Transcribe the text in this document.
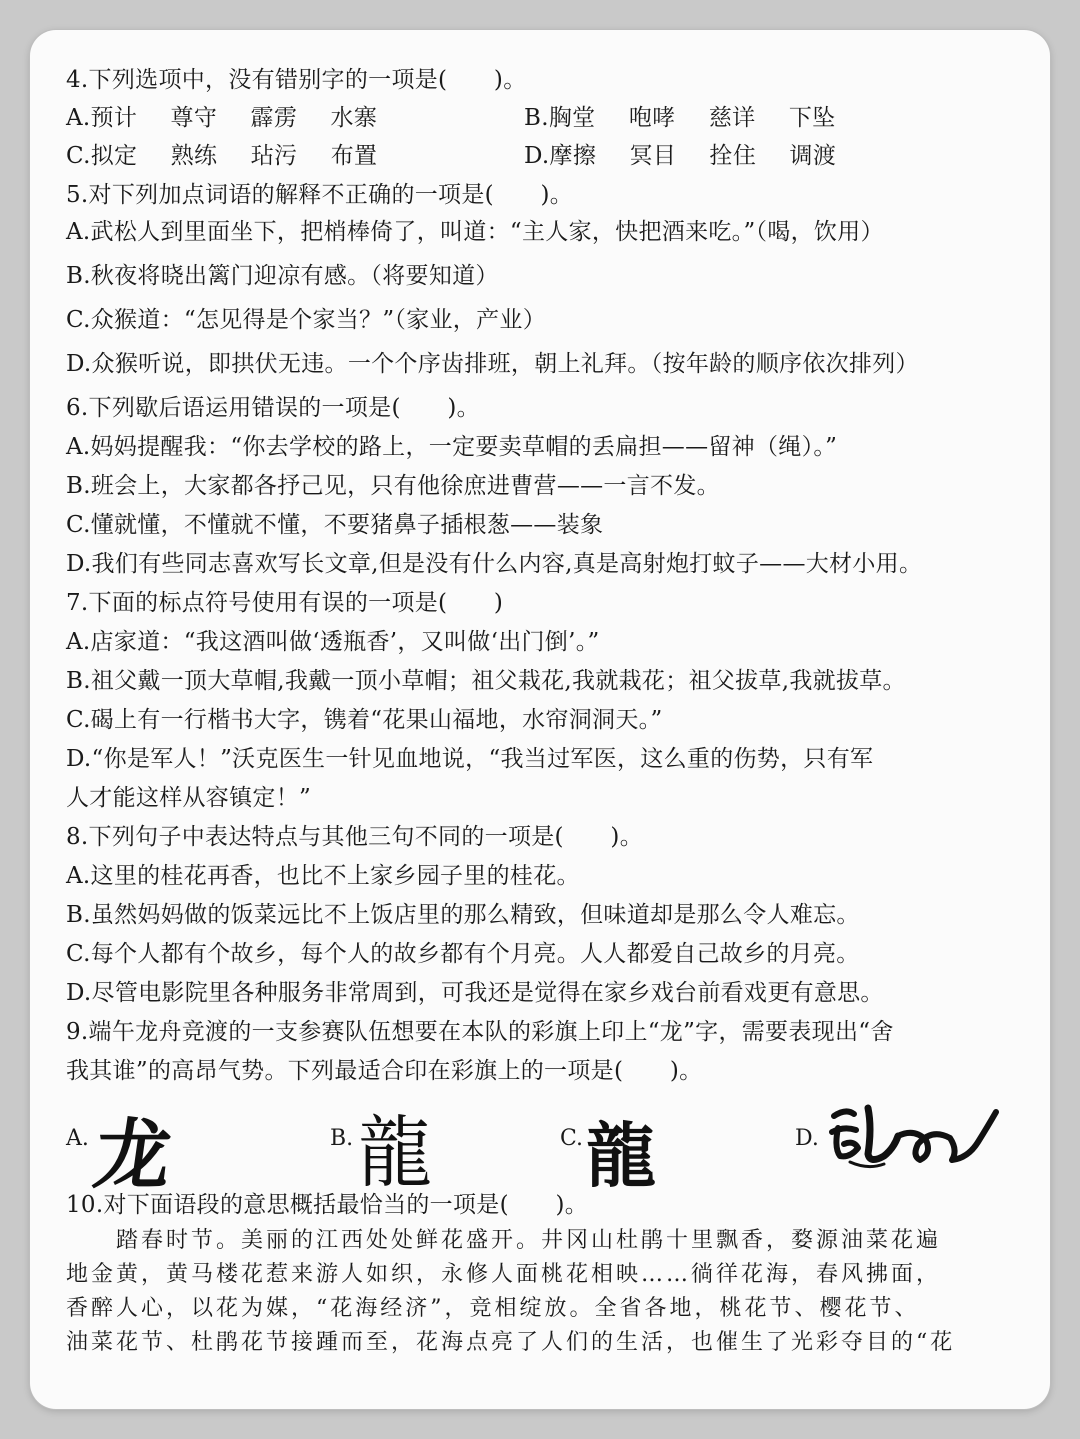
4.下列选项中，没有错别字的一项是(　　)。
A.预计 尊守 霹雳 水寨	B.胸堂 咆哮 慈详 下坠
C.拟定 熟练 玷污 布置	D.摩擦 冥目 拴住 调渡
5.对下列加点词语的解释不正确的一项是(　　)。
A.武松人到里面坐下，把梢棒倚了，叫道：“主人家，快把酒来吃。”（喝，饮用）
B.秋夜将晓出篱门迎凉有感。（将要知道）
C.众猴道：“怎见得是个家当？”（家业，产业）
D.众猴听说，即拱伏无违。一个个序齿排班，朝上礼拜。（按年龄的顺序依次排列）
6.下列歇后语运用错误的一项是(　　)。
A.妈妈提醒我：“你去学校的路上，一定要卖草帽的丢扁担——留神（绳）。”
B.班会上，大家都各抒己见，只有他徐庶进曹营——一言不发。
C.懂就懂，不懂就不懂，不要猪鼻子插根葱——装象
D.我们有些同志喜欢写长文章,但是没有什么内容,真是高射炮打蚊子——大材小用。
7.下面的标点符号使用有误的一项是(　　)
A.店家道：“我这酒叫做‘透瓶香’，又叫做‘出门倒’。”
B.祖父戴一顶大草帽,我戴一顶小草帽；祖父栽花,我就栽花；祖父拔草,我就拔草。
C.碣上有一行楷书大字，镌着“花果山福地，水帘洞洞天。”
D.“你是军人！”沃克医生一针见血地说，“我当过军医，这么重的伤势，只有军
人才能这样从容镇定！”
8.下列句子中表达特点与其他三句不同的一项是(　　)。
A.这里的桂花再香，也比不上家乡园子里的桂花。
B.虽然妈妈做的饭菜远比不上饭店里的那么精致，但味道却是那么令人难忘。
C.每个人都有个故乡，每个人的故乡都有个月亮。人人都爱自己故乡的月亮。
D.尽管电影院里各种服务非常周到，可我还是觉得在家乡戏台前看戏更有意思。
9.端午龙舟竞渡的一支参赛队伍想要在本队的彩旗上印上“龙”字，需要表现出“舍
我其谁”的高昂气势。下列最适合印在彩旗上的一项是(　　)。
A. 龙	B. 龍	C. 龍	D.
10.对下面语段的意思概括最恰当的一项是(　　)。
踏春时节。美丽的江西处处鲜花盛开。井冈山杜鹃十里飘香，婺源油菜花遍
地金黄，黄马楼花惹来游人如织，永修人面桃花相映……徜徉花海，春风拂面，
香醉人心，以花为媒，“花海经济”，竞相绽放。全省各地，桃花节、樱花节、
油菜花节、杜鹃花节接踵而至，花海点亮了人们的生活，也催生了光彩夺目的“花
